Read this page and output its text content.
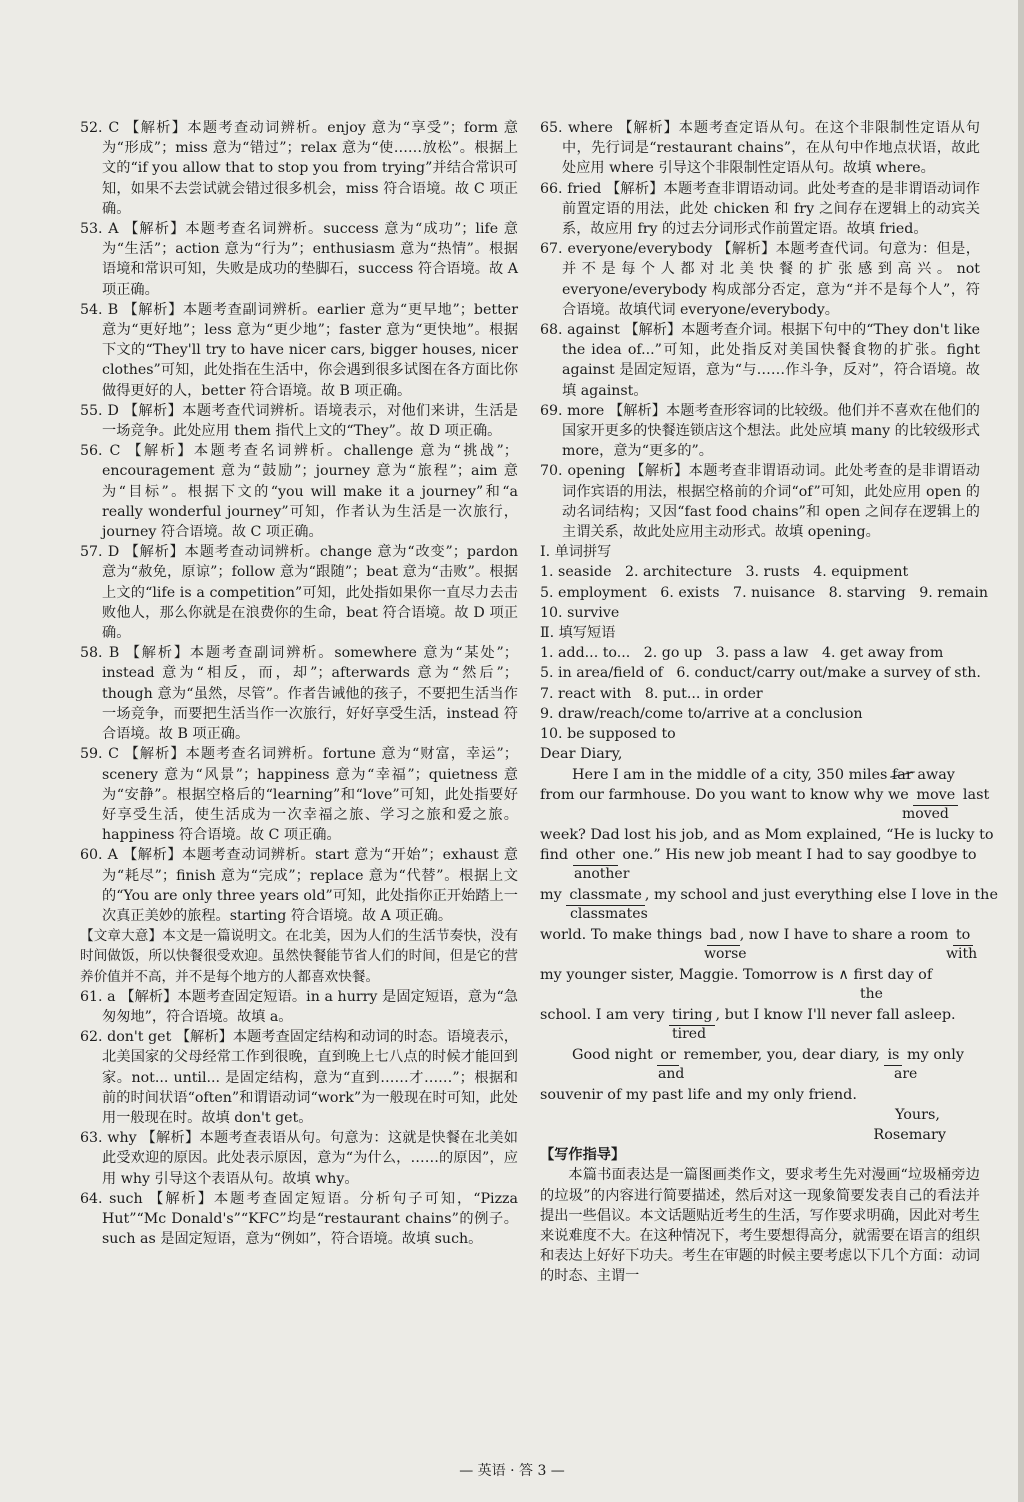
52. C 【解析】本题考查动词辨析。enjoy 意为“享受”；form 意为“形成”；miss 意为“错过”；relax 意为“使……放松”。根据上文的“if you allow that to stop you from trying”并结合常识可知，如果不去尝试就会错过很多机会，miss 符合语境。故 C 项正确。

53. A 【解析】本题考查名词辨析。success 意为“成功”；life 意为“生活”；action 意为“行为”；enthusiasm 意为“热情”。根据语境和常识可知，失败是成功的垫脚石，success 符合语境。故 A 项正确。

54. B 【解析】本题考查副词辨析。earlier 意为“更早地”；better 意为“更好地”；less 意为“更少地”；faster 意为“更快地”。根据下文的“They'll try to have nicer cars, bigger houses, nicer clothes”可知，此处指在生活中，你会遇到很多试图在各方面比你做得更好的人，better 符合语境。故 B 项正确。

55. D 【解析】本题考查代词辨析。语境表示，对他们来讲，生活是一场竞争。此处应用 them 指代上文的“They”。故 D 项正确。

56. C 【解析】本题考查名词辨析。challenge 意为“挑战”；encouragement 意为“鼓励”；journey 意为“旅程”；aim 意为“目标”。根据下文的“you will make it a journey”和“a really wonderful journey”可知，作者认为生活是一次旅行，journey 符合语境。故 C 项正确。

57. D 【解析】本题考查动词辨析。change 意为“改变”；pardon 意为“赦免，原谅”；follow 意为“跟随”；beat 意为“击败”。根据上文的“life is a competition”可知，此处指如果你一直尽力去击败他人，那么你就是在浪费你的生命，beat 符合语境。故 D 项正确。

58. B 【解析】本题考查副词辨析。somewhere 意为“某处”；instead 意为“相反，而，却”；afterwards 意为“然后”；though 意为“虽然，尽管”。作者告诫他的孩子，不要把生活当作一场竞争，而要把生活当作一次旅行，好好享受生活，instead 符合语境。故 B 项正确。

59. C 【解析】本题考查名词辨析。fortune 意为“财富，幸运”；scenery 意为“风景”；happiness 意为“幸福”；quietness 意为“安静”。根据空格后的“learning”和“love”可知，此处指要好好享受生活，使生活成为一次幸福之旅、学习之旅和爱之旅。happiness 符合语境。故 C 项正确。

60. A 【解析】本题考查动词辨析。start 意为“开始”；exhaust 意为“耗尽”；finish 意为“完成”；replace 意为“代替”。根据上文的“You are only three years old”可知，此处指你正开始踏上一次真正美妙的旅程。starting 符合语境。故 A 项正确。

【文章大意】本文是一篇说明文。在北美，因为人们的生活节奏快，没有时间做饭，所以快餐很受欢迎。虽然快餐能节省人们的时间，但是它的营养价值并不高，并不是每个地方的人都喜欢快餐。

61. a 【解析】本题考查固定短语。in a hurry 是固定短语，意为“急匆匆地”，符合语境。故填 a。

62. don't get 【解析】本题考查固定结构和动词的时态。语境表示，北美国家的父母经常工作到很晚，直到晚上七八点的时候才能回到家。not... until... 是固定结构，意为“直到……才……”；根据和前的时间状语“often”和谓语动词“work”为一般现在时可知，此处用一般现在时。故填 don't get。

63. why 【解析】本题考查表语从句。句意为：这就是快餐在北美如此受欢迎的原因。此处表示原因，意为“为什么，……的原因”，应用 why 引导这个表语从句。故填 why。

64. such 【解析】本题考查固定短语。分析句子可知，“Pizza Hut”“Mc Donald's”“KFC”均是“restaurant chains”的例子。such as 是固定短语，意为“例如”，符合语境。故填 such。

65. where 【解析】本题考查定语从句。在这个非限制性定语从句中，先行词是“restaurant chains”，在从句中作地点状语，故此处应用 where 引导这个非限制性定语从句。故填 where。

66. fried 【解析】本题考查非谓语动词。此处考查的是非谓语动词作前置定语的用法，此处 chicken 和 fry 之间存在逻辑上的动宾关系，故应用 fry 的过去分词形式作前置定语。故填 fried。

67. everyone/everybody 【解析】本题考查代词。句意为：但是，并不是每个人都对北美快餐的扩张感到高兴。not everyone/everybody 构成部分否定，意为“并不是每个人”，符合语境。故填代词 everyone/everybody。

68. against 【解析】本题考查介词。根据下句中的“They don't like the idea of...”可知，此处指反对美国快餐食物的扩张。fight against 是固定短语，意为“与……作斗争，反对”，符合语境。故填 against。

69. more 【解析】本题考查形容词的比较级。他们并不喜欢在他们的国家开更多的快餐连锁店这个想法。此处应填 many 的比较级形式 more，意为“更多的”。

70. opening 【解析】本题考查非谓语动词。此处考查的是非谓语动词作宾语的用法，根据空格前的介词“of”可知，此处应用 open 的动名词结构；又因“fast food chains”和 open 之间存在逻辑上的主谓关系，故此处应用主动形式。故填 opening。

Ⅰ. 单词拼写

1. seaside   2. architecture   3. rusts   4. equipment

5. employment   6. exists   7. nuisance   8. starving   9. remain

10. survive

Ⅱ. 填写短语

1. add... to...   2. go up   3. pass a law   4. get away from

5. in area/field of   6. conduct/carry out/make a survey of sth.

7. react with   8. put... in order

9. draw/reach/come to/arrive at a conclusion

10. be supposed to

Dear Diary,

Here I am in the middle of a city, 350 miles far away
from our farmhouse. Do you want to know why we move last
moved
week? Dad lost his job, and as Mom explained, “He is lucky to
find other one.” His new job meant I had to say goodbye to
another
my classmate , my school and just everything else I love in the
classmates
world. To make things bad , now I have to share a room to
worse	with
my younger sister, Maggie. Tomorrow is ∧ first day of
the
school. I am very tiring , but I know I'll never fall asleep.
tired
Good night or remember, you, dear diary, is my only
and	are

souvenir of my past life and my only friend.

Yours,

Rosemary

【写作指导】

本篇书面表达是一篇图画类作文，要求考生先对漫画“垃圾桶旁边的垃圾”的内容进行简要描述，然后对这一现象简要发表自己的看法并提出一些倡议。本文话题贴近考生的生活，写作要求明确，因此对考生来说难度不大。在这种情况下，考生要想得高分，就需要在语言的组织和表达上好好下功夫。考生在审题的时候主要考虑以下几个方面：动词的时态、主谓一

— 英语 · 答 3 —
